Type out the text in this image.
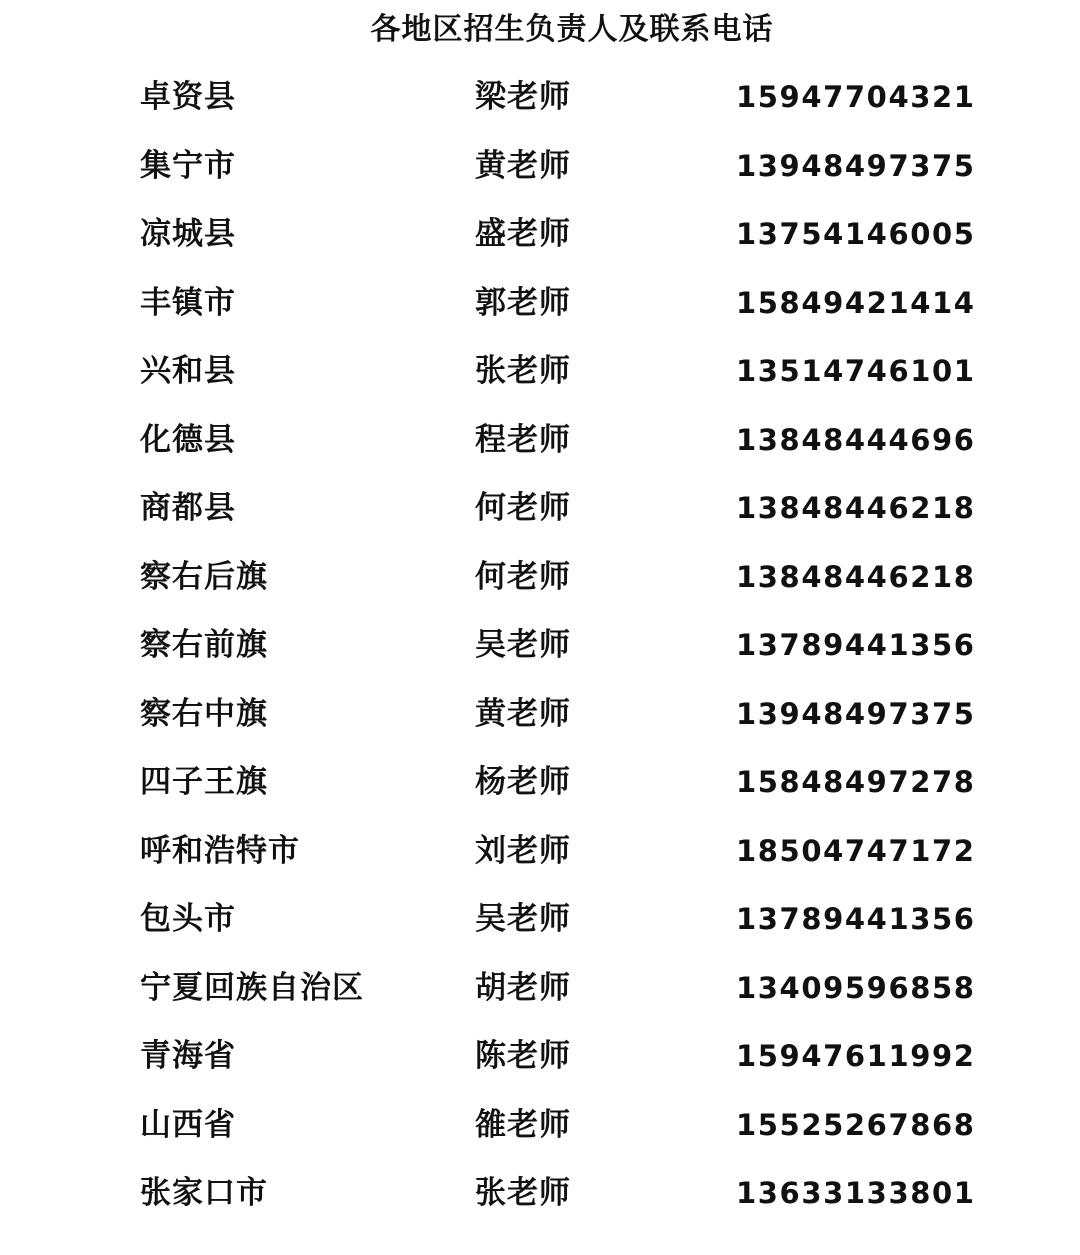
各地区招生负责人及联系电话
卓资县	梁老师	15947704321
集宁市	黄老师	13948497375
凉城县	盛老师	13754146005
丰镇市	郭老师	15849421414
兴和县	张老师	13514746101
化德县	程老师	13848444696
商都县	何老师	13848446218
察右后旗	何老师	13848446218
察右前旗	吴老师	13789441356
察右中旗	黄老师	13948497375
四子王旗	杨老师	15848497278
呼和浩特市	刘老师	18504747172
包头市	吴老师	13789441356
宁夏回族自治区	胡老师	13409596858
青海省	陈老师	15947611992
山西省	雒老师	15525267868
张家口市	张老师	13633133801
